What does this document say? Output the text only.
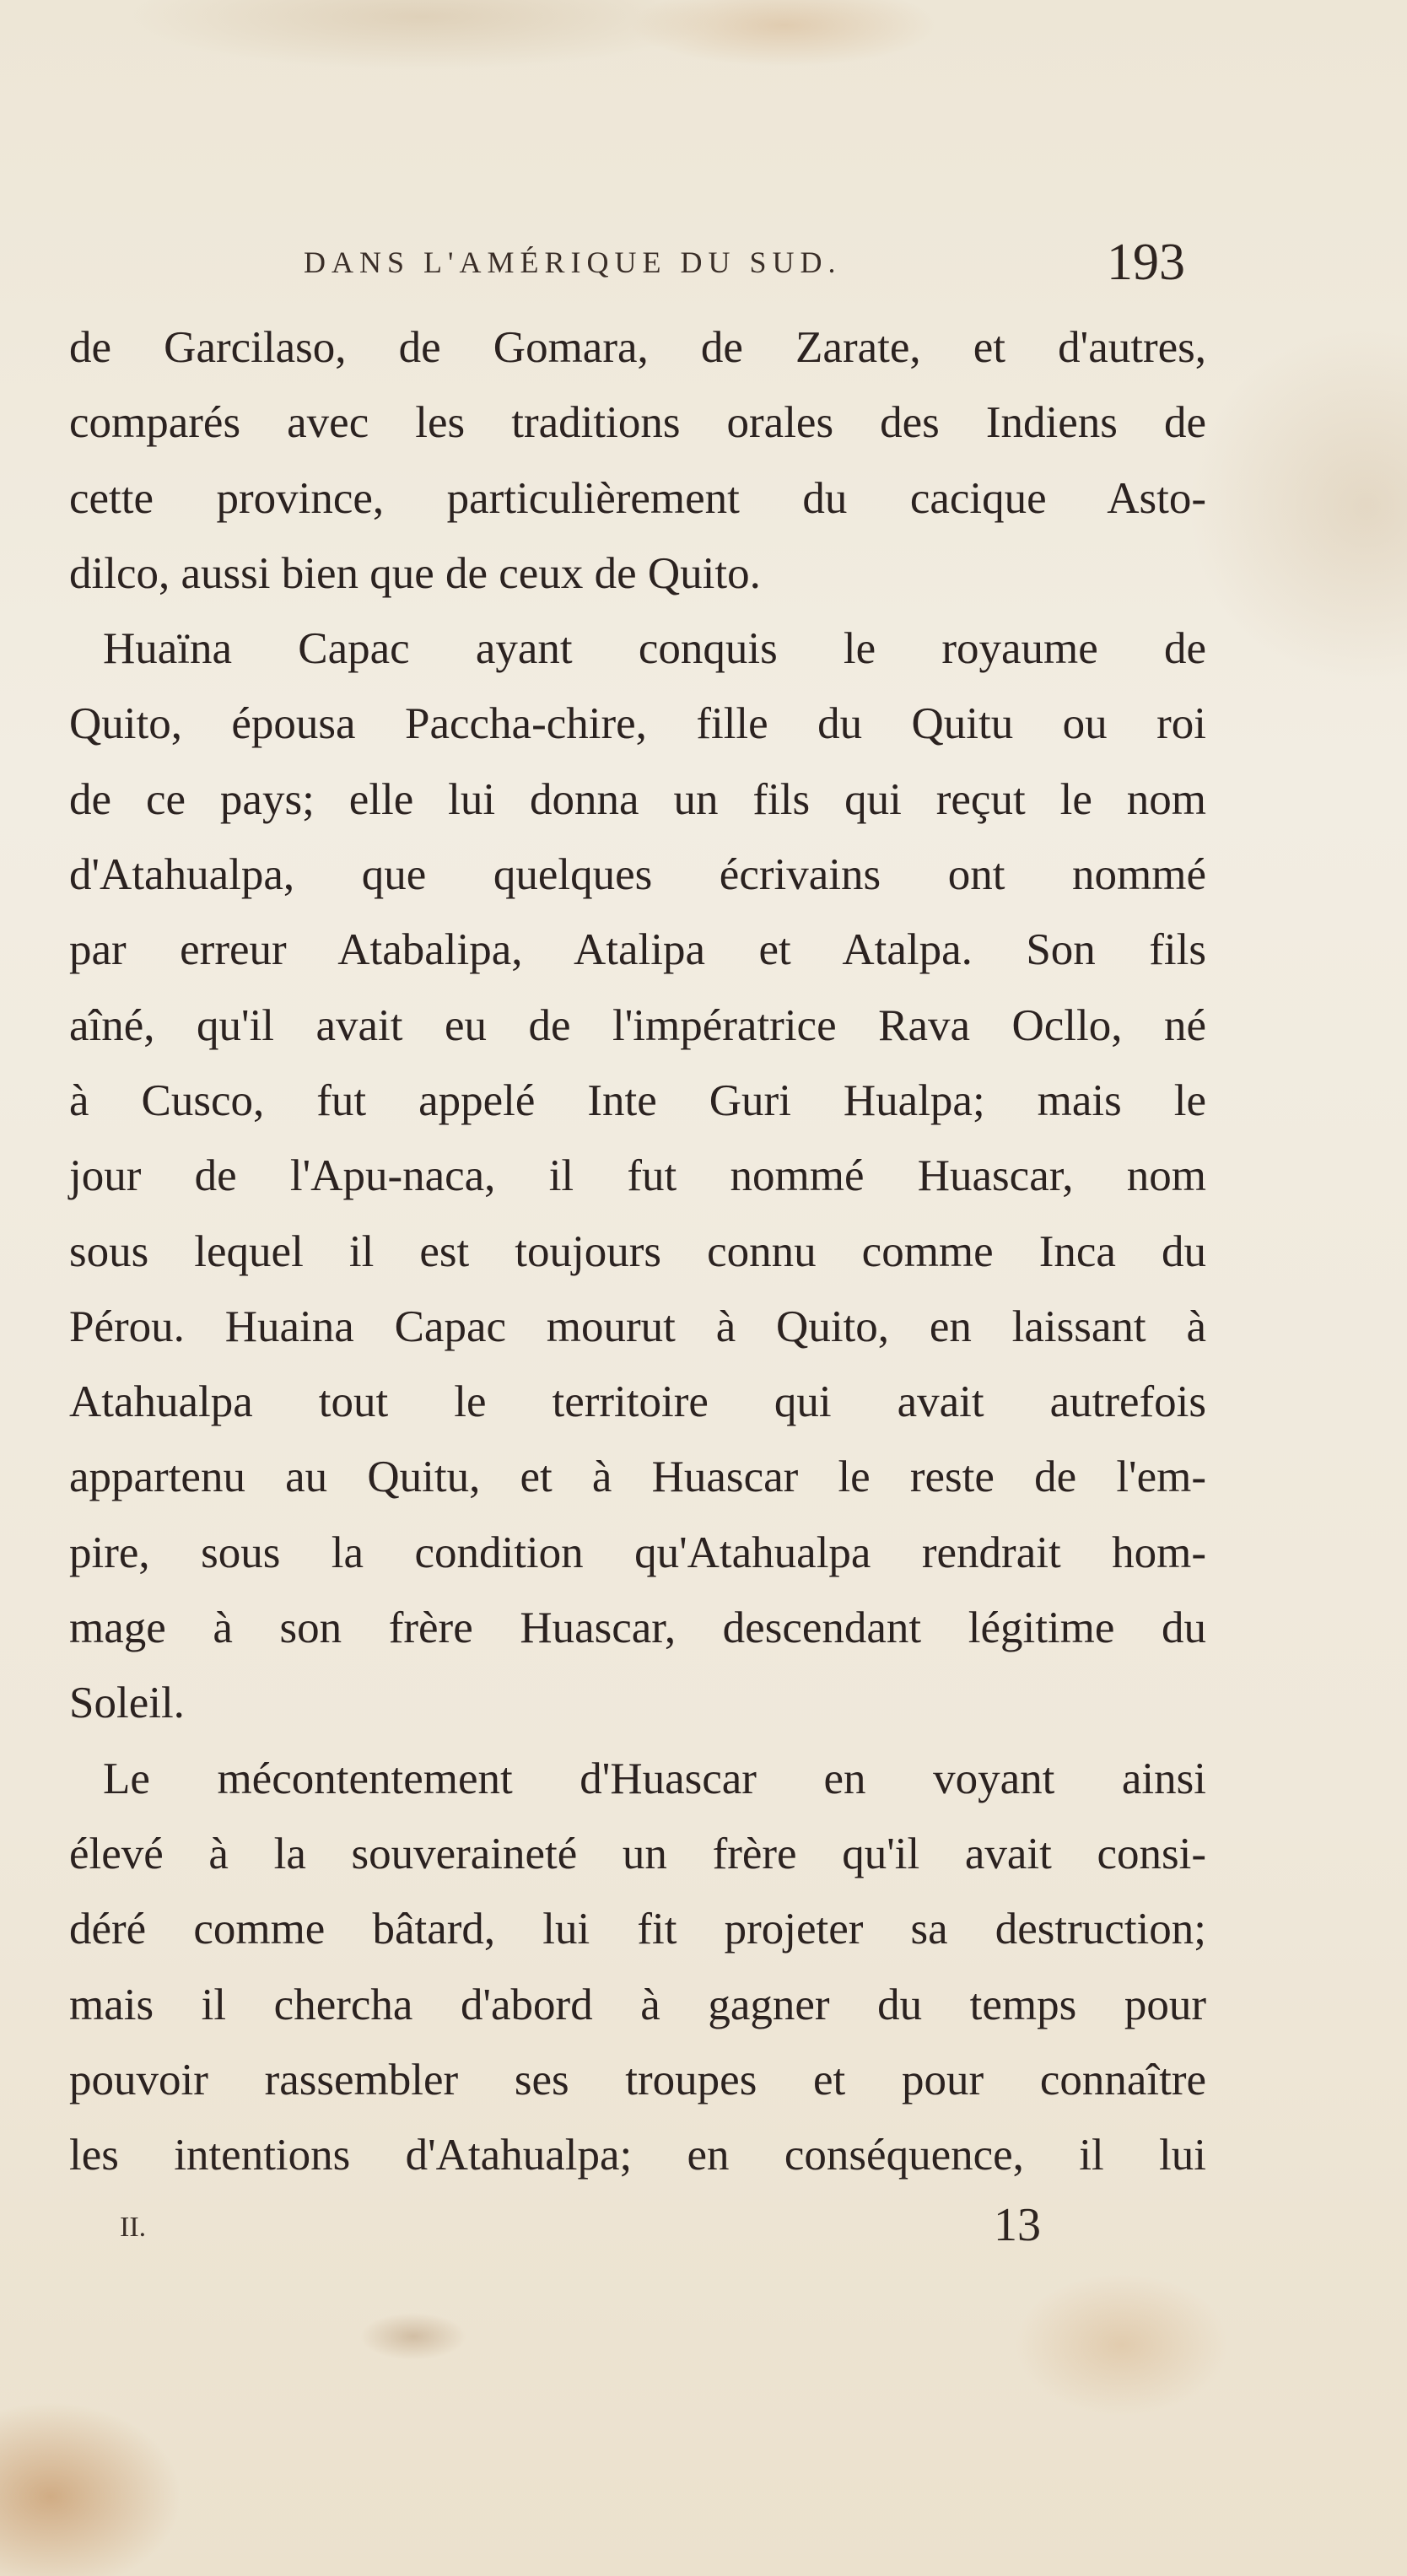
DANS L'AMÉRIQUE DU SUD.	193
de Garcilaso, de Gomara, de Zarate, et d'autres,
comparés avec les traditions orales des Indiens de
cette province, particulièrement du cacique Asto-
dilco, aussi bien que de ceux de Quito.
Huaïna Capac ayant conquis le royaume de
Quito, épousa Paccha-chire, fille du Quitu ou roi
de ce pays; elle lui donna un fils qui reçut le nom
d'Atahualpa, que quelques écrivains ont nommé
par erreur Atabalipa, Atalipa et Atalpa. Son fils
aîné, qu'il avait eu de l'impératrice Rava Ocllo, né
à Cusco, fut appelé Inte Guri Hualpa; mais le
jour de l'Apu-naca, il fut nommé Huascar, nom
sous lequel il est toujours connu comme Inca du
Pérou. Huaina Capac mourut à Quito, en laissant à
Atahualpa tout le territoire qui avait autrefois
appartenu au Quitu, et à Huascar le reste de l'em-
pire, sous la condition qu'Atahualpa rendrait hom-
mage à son frère Huascar, descendant légitime du
Soleil.
Le mécontentement d'Huascar en voyant ainsi
élevé à la souveraineté un frère qu'il avait consi-
déré comme bâtard, lui fit projeter sa destruction;
mais il chercha d'abord à gagner du temps pour
pouvoir rassembler ses troupes et pour connaître
les intentions d'Atahualpa; en conséquence, il lui
II.	13
